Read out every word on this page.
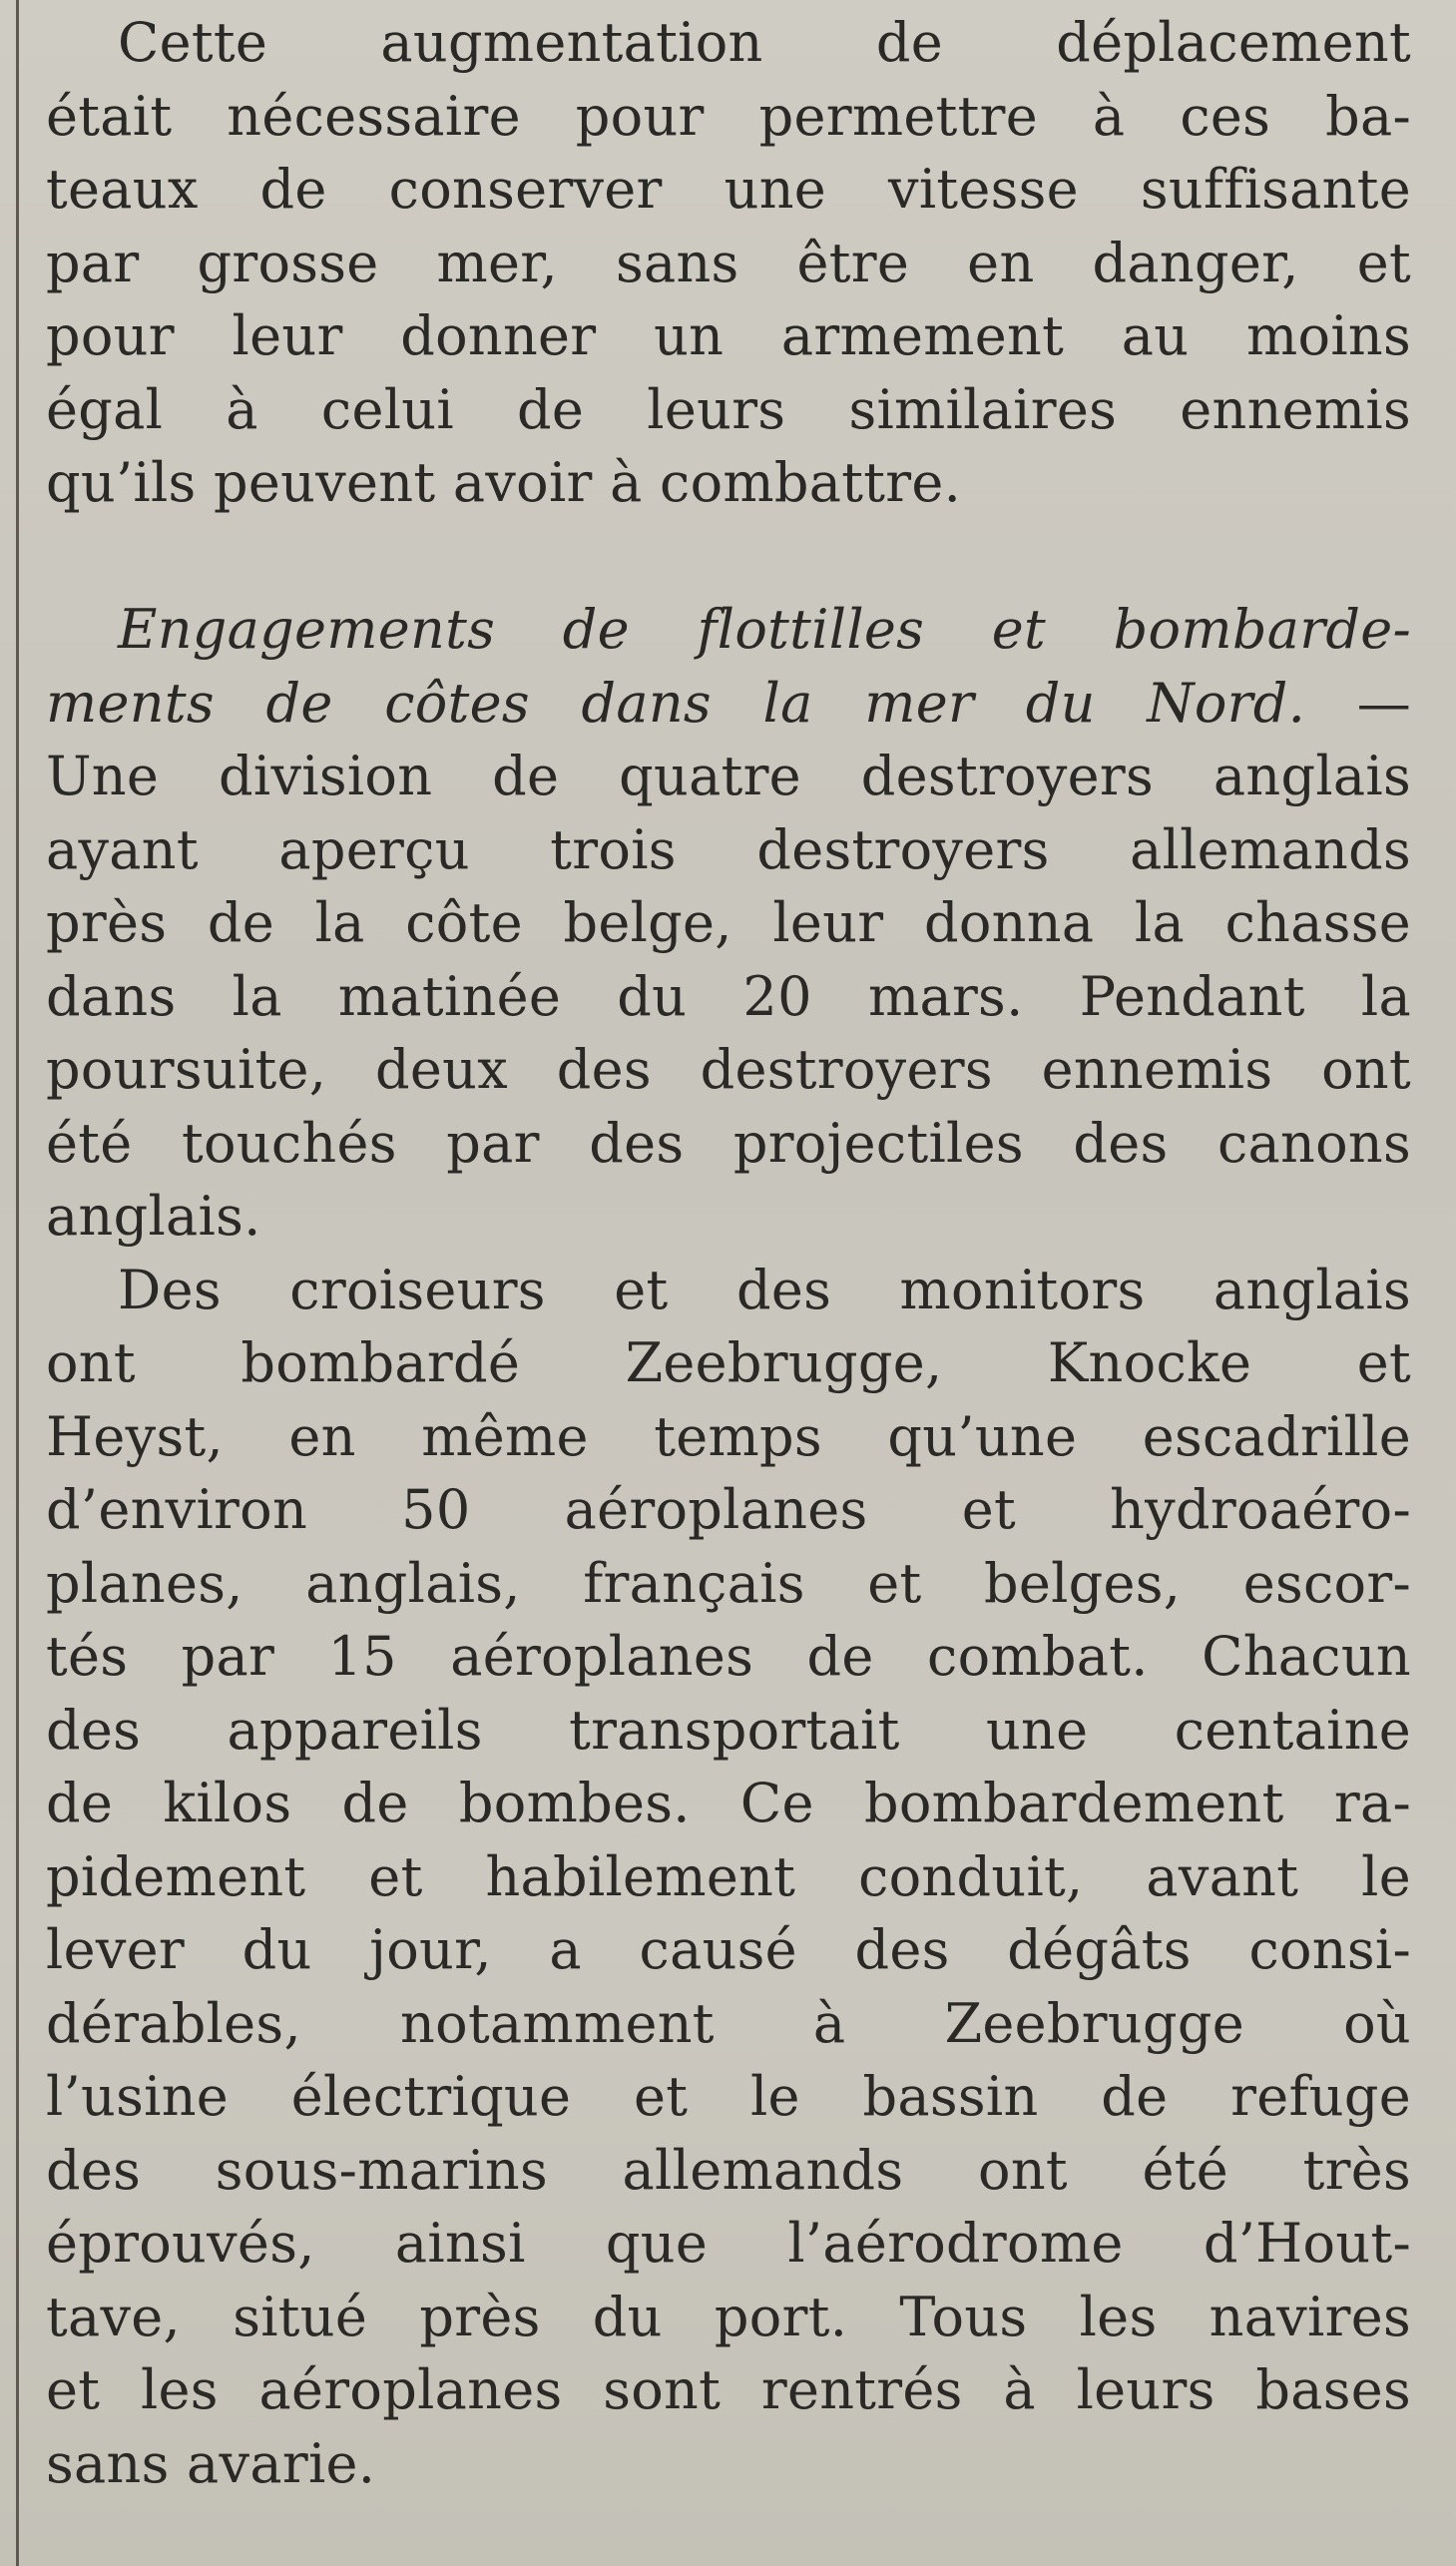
Cette augmentation de déplacement
était nécessaire pour permettre à ces ba-
teaux de conserver une vitesse suffisante
par grosse mer, sans être en danger, et
pour leur donner un armement au moins
égal à celui de leurs similaires ennemis
qu’ils peuvent avoir à combattre.
Engagements de flottilles et bombarde-
ments de côtes dans la mer du Nord. —
Une division de quatre destroyers anglais
ayant aperçu trois destroyers allemands
près de la côte belge, leur donna la chasse
dans la matinée du 20 mars. Pendant la
poursuite, deux des destroyers ennemis ont
été touchés par des projectiles des canons
anglais.
Des croiseurs et des monitors anglais
ont bombardé Zeebrugge, Knocke et
Heyst, en même temps qu’une escadrille
d’environ 50 aéroplanes et hydroaéro-
planes, anglais, français et belges, escor-
tés par 15 aéroplanes de combat. Chacun
des appareils transportait une centaine
de kilos de bombes. Ce bombardement ra-
pidement et habilement conduit, avant le
lever du jour, a causé des dégâts consi-
dérables, notamment à Zeebrugge où
l’usine électrique et le bassin de refuge
des sous-marins allemands ont été très
éprouvés, ainsi que l’aérodrome d’Hout-
tave, situé près du port. Tous les navires
et les aéroplanes sont rentrés à leurs bases
sans avarie.
